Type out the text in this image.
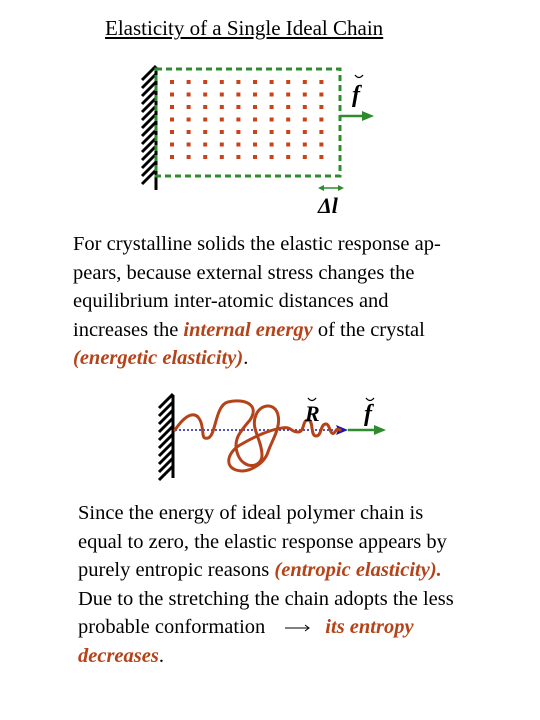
Elasticity of a Single Ideal Chain
f
Δl
For crystalline solids the elastic response ap-
pears, because external stress changes the
equilibrium inter-atomic distances and
increases the internal energy of the crystal
(energetic elasticity).
R f
Since the energy of ideal polymer chain is
equal to zero, the elastic response appears by
purely entropic reasons (entropic elasticity).
Due to the stretching the chain adopts the less
probable conformation	its entropy
decreases.
